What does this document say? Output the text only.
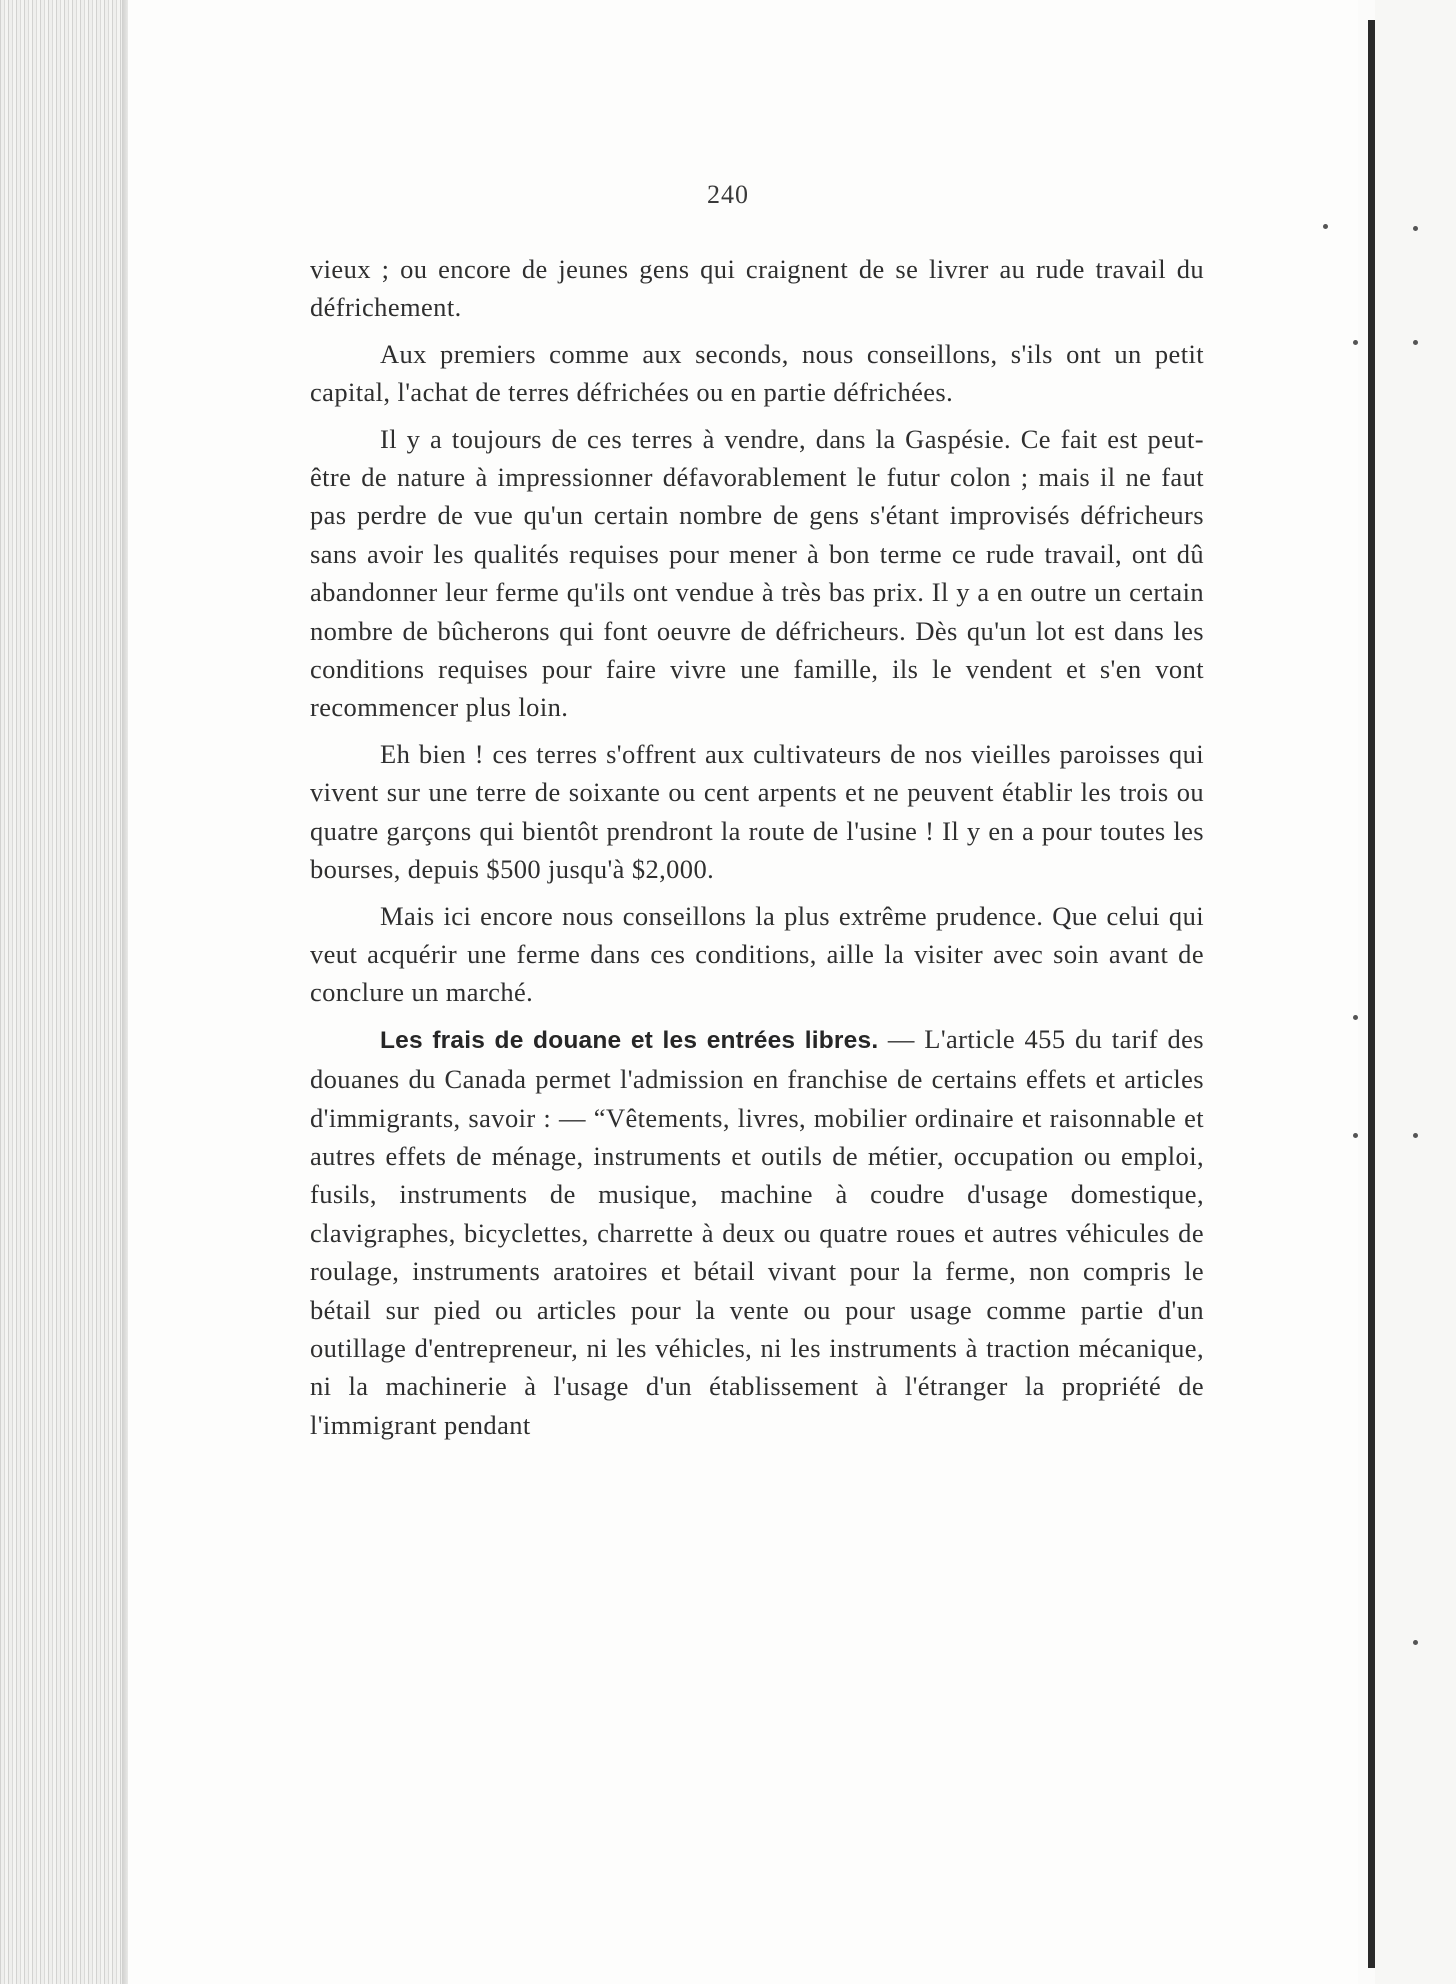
240

vieux ; ou encore de jeunes gens qui craignent de se livrer au rude travail du défrichement.

Aux premiers comme aux seconds, nous conseillons, s'ils ont un petit capital, l'achat de terres défrichées ou en partie défrichées.

Il y a toujours de ces terres à vendre, dans la Gaspésie. Ce fait est peut-être de nature à impressionner défavorablement le futur colon ; mais il ne faut pas perdre de vue qu'un certain nombre de gens s'étant improvisés défricheurs sans avoir les qualités requises pour mener à bon terme ce rude travail, ont dû abandonner leur ferme qu'ils ont vendue à très bas prix. Il y a en outre un certain nombre de bûcherons qui font oeuvre de défricheurs. Dès qu'un lot est dans les conditions requises pour faire vivre une famille, ils le vendent et s'en vont recommencer plus loin.

Eh bien ! ces terres s'offrent aux cultivateurs de nos vieilles paroisses qui vivent sur une terre de soixante ou cent arpents et ne peuvent établir les trois ou quatre garçons qui bientôt prendront la route de l'usine ! Il y en a pour toutes les bourses, depuis $500 jusqu'à $2,000.

Mais ici encore nous conseillons la plus extrême prudence. Que celui qui veut acquérir une ferme dans ces conditions, aille la visiter avec soin avant de conclure un marché.

Les frais de douane et les entrées libres. — L'article 455 du tarif des douanes du Canada permet l'admission en franchise de certains effets et articles d'immigrants, savoir : — “Vêtements, livres, mobilier ordinaire et raisonnable et autres effets de ménage, instruments et outils de métier, occupation ou emploi, fusils, instruments de musique, machine à coudre d'usage domestique, clavigraphes, bicyclettes, charrette à deux ou quatre roues et autres véhicules de roulage, instruments aratoires et bétail vivant pour la ferme, non compris le bétail sur pied ou articles pour la vente ou pour usage comme partie d'un outillage d'entrepreneur, ni les véhicles, ni les instruments à traction mécanique, ni la machinerie à l'usage d'un établissement à l'étranger la propriété de l'immigrant pendant
